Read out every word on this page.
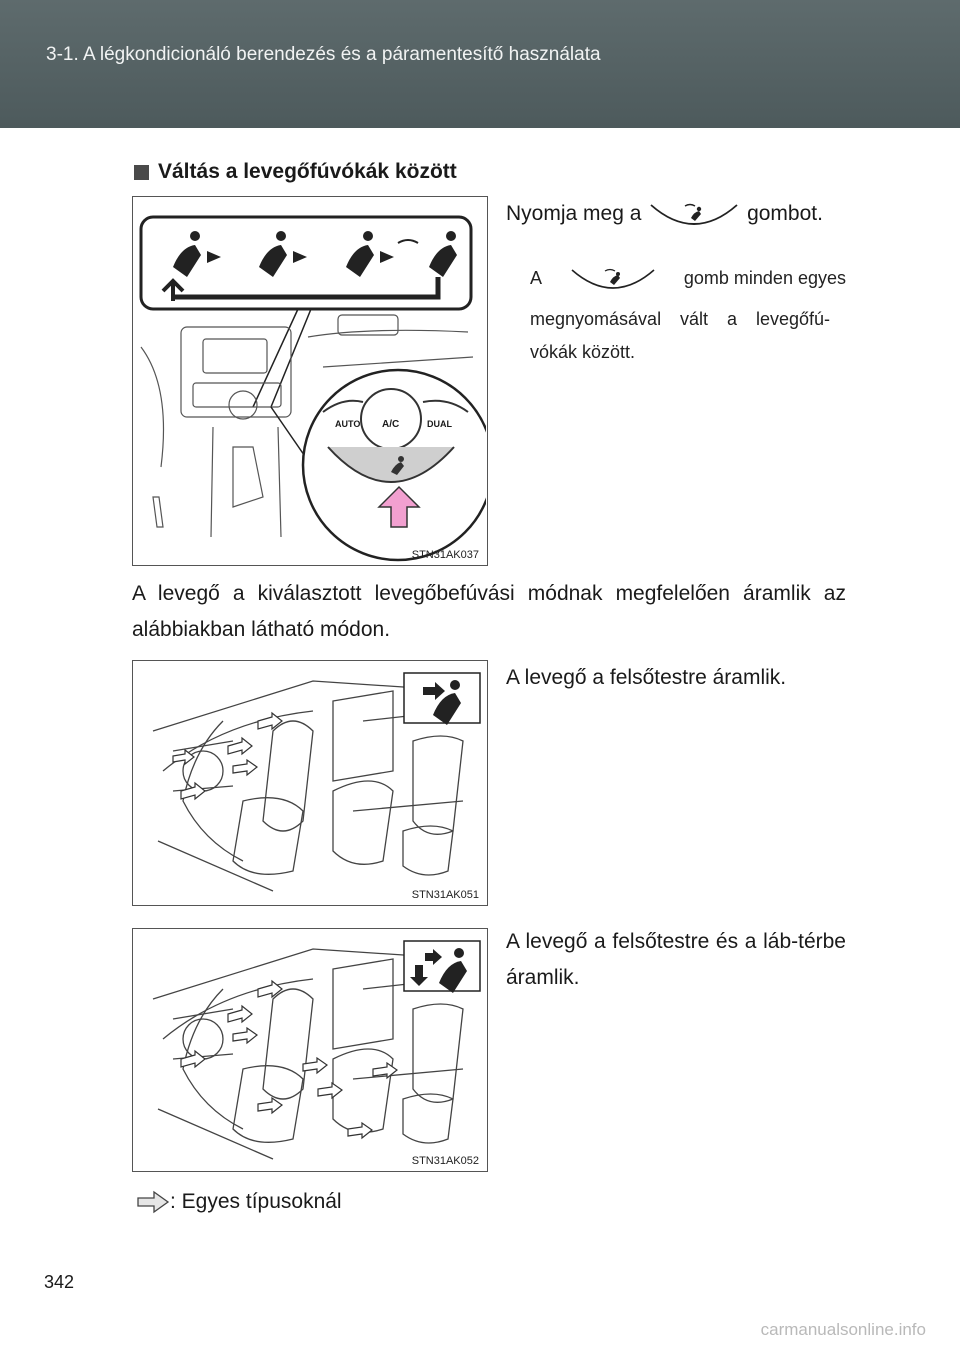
3-1. A légkondicionáló berendezés és a páramentesítő használata
Váltás a levegőfúvókák között
AUTO A/C	DUAL
STN31AK037
Nyomja meg a	gombot.
A	gomb minden egyes
megnyomásával vált a levegőfú-vókák között.
A levegő a kiválasztott levegőbefúvási módnak megfelelően áramlik az alábbiakban látható módon.
STN31AK051
A levegő a felsőtestre áramlik.
STN31AK052
A levegő a felsőtestre és a láb-térbe áramlik.
: Egyes típusoknál
342
carmanualsonline.info
